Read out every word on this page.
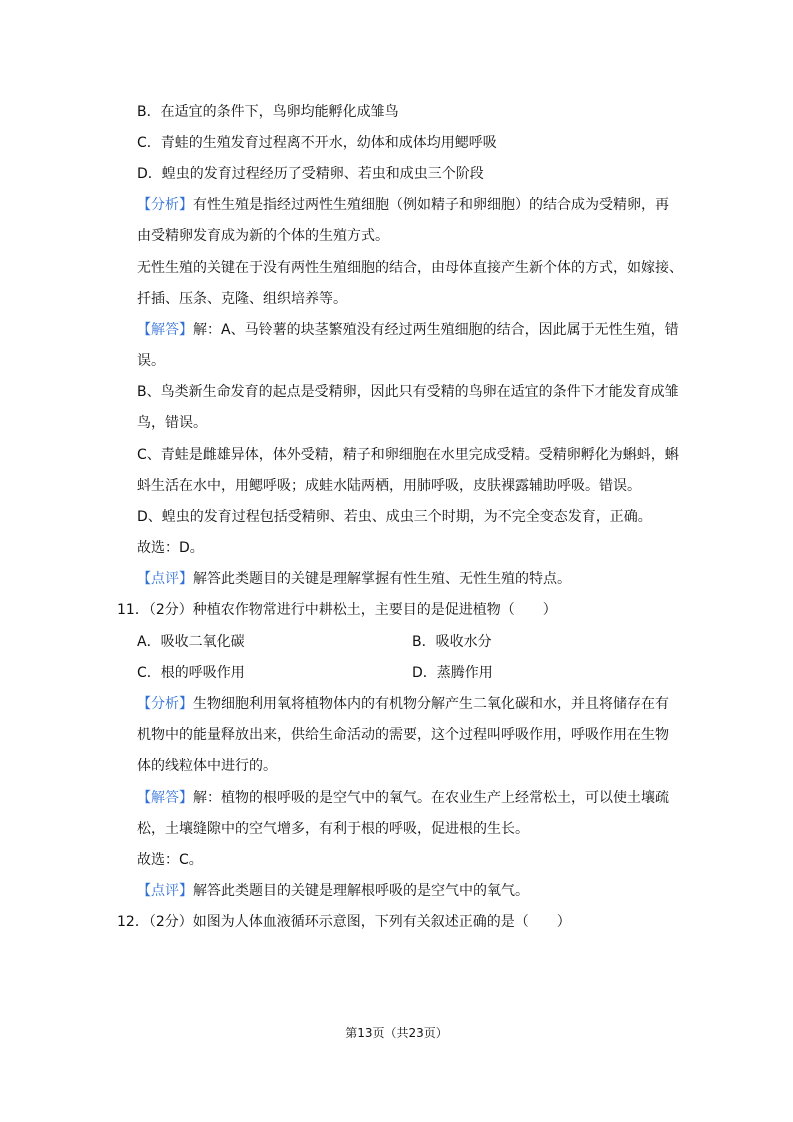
B．在适宜的条件下，鸟卵均能孵化成雏鸟
C．青蛙的生殖发育过程离不开水，幼体和成体均用鳃呼吸
D．蝗虫的发育过程经历了受精卵、若虫和成虫三个阶段
【分析】有性生殖是指经过两性生殖细胞（例如精子和卵细胞）的结合成为受精卵，再
由受精卵发育成为新的个体的生殖方式。
无性生殖的关键在于没有两性生殖细胞的结合，由母体直接产生新个体的方式，如嫁接、
扦插、压条、克隆、组织培养等。
【解答】解：A、马铃薯的块茎繁殖没有经过两生殖细胞的结合，因此属于无性生殖，错
误。
B、鸟类新生命发育的起点是受精卵，因此只有受精的鸟卵在适宜的条件下才能发育成雏
鸟，错误。
C、青蛙是雌雄异体，体外受精，精子和卵细胞在水里完成受精。受精卵孵化为蝌蚪，蝌
蚪生活在水中，用鳃呼吸；成蛙水陆两栖，用肺呼吸，皮肤裸露辅助呼吸。错误。
D、蝗虫的发育过程包括受精卵、若虫、成虫三个时期，为不完全变态发育，正确。
故选：D。
【点评】解答此类题目的关键是理解掌握有性生殖、无性生殖的特点。
11．（2分）种植农作物常进行中耕松土，主要目的是促进植物（　　）
A．吸收二氧化碳	B．吸收水分
C．根的呼吸作用	D．蒸腾作用
【分析】生物细胞利用氧将植物体内的有机物分解产生二氧化碳和水，并且将储存在有
机物中的能量释放出来，供给生命活动的需要，这个过程叫呼吸作用，呼吸作用在生物
体的线粒体中进行的。
【解答】解：植物的根呼吸的是空气中的氧气。在农业生产上经常松土，可以使土壤疏
松，土壤缝隙中的空气增多，有利于根的呼吸，促进根的生长。
故选：C。
【点评】解答此类题目的关键是理解根呼吸的是空气中的氧气。
12．（2分）如图为人体血液循环示意图，下列有关叙述正确的是（　　）
第13页（共23页）
